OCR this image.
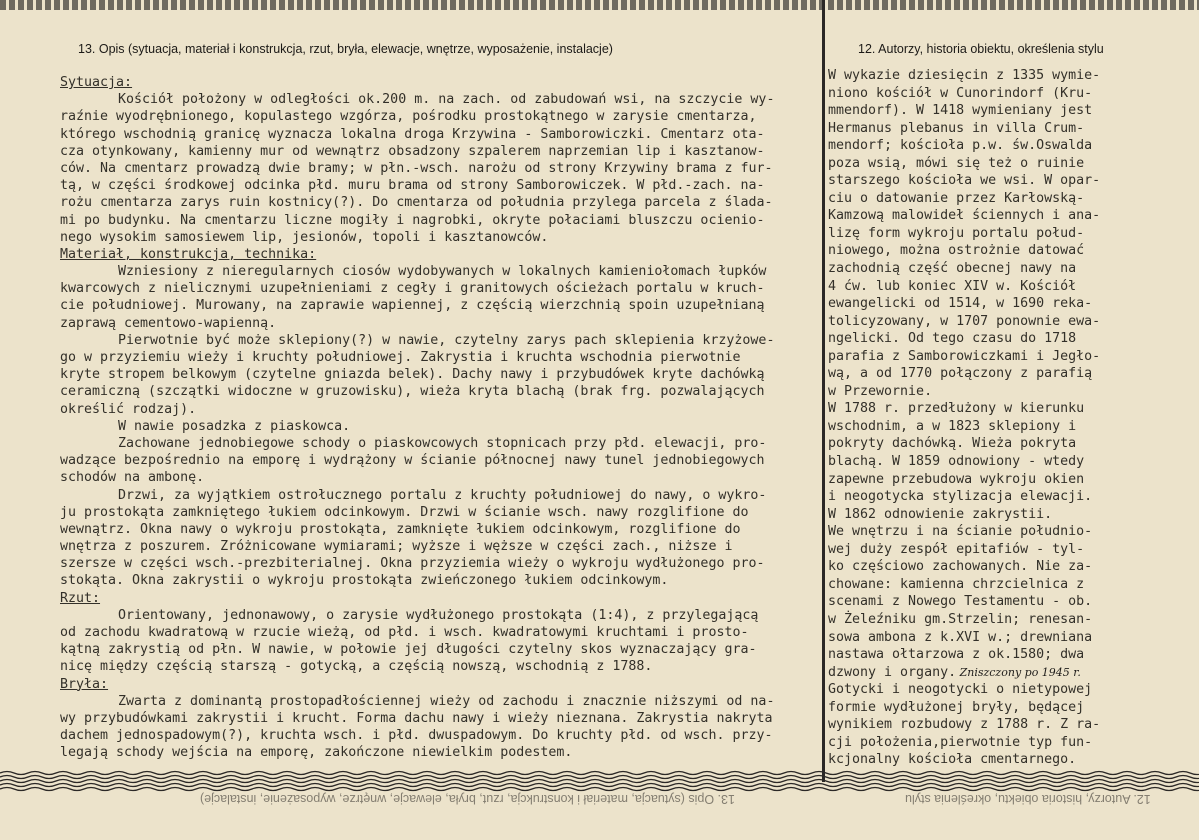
13. Opis (sytuacja, materiał i konstrukcja, rzut, bryła, elewacje, wnętrze, wyposażenie, instalacje)	12. Autorzy, historia obiektu, określenia stylu
Sytuacja:
Kościół położony w odległości ok.200 m. na zach. od zabudowań wsi, na szczycie wy-
raźnie wyodrębnionego, kopulastego wzgórza, pośrodku prostokątnego w zarysie cmentarza,
którego wschodnią granicę wyznacza lokalna droga Krzywina - Samborowiczki. Cmentarz ota-
cza otynkowany, kamienny mur od wewnątrz obsadzony szpalerem naprzemian lip i kasztanow-
ców. Na cmentarz prowadzą dwie bramy; w płn.-wsch. narożu od strony Krzywiny brama z fur-
tą, w części środkowej odcinka płd. muru brama od strony Samborowiczek. W płd.-zach. na-
rożu cmentarza zarys ruin kostnicy(?). Do cmentarza od południa przylega parcela z ślada-
mi po budynku. Na cmentarzu liczne mogiły i nagrobki, okryte połaciami bluszczu ocienio-
nego wysokim samosiewem lip, jesionów, topoli i kasztanowców.
Materiał, konstrukcja, technika:
Wzniesiony z nieregularnych ciosów wydobywanych w lokalnych kamieniołomach łupków
kwarcowych z nielicznymi uzupełnieniami z cegły i granitowych ościeżach portalu w kruch-
cie południowej. Murowany, na zaprawie wapiennej, z częścią wierzchnią spoin uzupełnianą
zaprawą cementowo-wapienną.
Pierwotnie być może sklepiony(?) w nawie, czytelny zarys pach sklepienia krzyżowe-
go w przyziemiu wieży i kruchty południowej. Zakrystia i kruchta wschodnia pierwotnie
kryte stropem belkowym (czytelne gniazda belek). Dachy nawy i przybudówek kryte dachówką
ceramiczną (szczątki widoczne w gruzowisku), wieża kryta blachą (brak frg. pozwalających
określić rodzaj).
W nawie posadzka z piaskowca.
Zachowane jednobiegowe schody o piaskowcowych stopnicach przy płd. elewacji, pro-
wadzące bezpośrednio na emporę i wydrążony w ścianie północnej nawy tunel jednobiegowych
schodów na ambonę.
Drzwi, za wyjątkiem ostrołucznego portalu z kruchty południowej do nawy, o wykro-
ju prostokąta zamkniętego łukiem odcinkowym. Drzwi w ścianie wsch. nawy rozglifione do
wewnątrz. Okna nawy o wykroju prostokąta, zamknięte łukiem odcinkowym, rozglifione do
wnętrza z poszurem. Zróżnicowane wymiarami; wyższe i węższe w części zach., niższe i
szersze w części wsch.-prezbiterialnej. Okna przyziemia wieży o wykroju wydłużonego pro-
stokąta. Okna zakrystii o wykroju prostokąta zwieńczonego łukiem odcinkowym.
Rzut:
Orientowany, jednonawowy, o zarysie wydłużonego prostokąta (1:4), z przylegającą
od zachodu kwadratową w rzucie wieżą, od płd. i wsch. kwadratowymi kruchtami i prosto-
kątną zakrystią od płn. W nawie, w połowie jej długości czytelny skos wyznaczający gra-
nicę między częścią starszą - gotycką, a częścią nowszą, wschodnią z 1788.
Bryła:
Zwarta z dominantą prostopadłościennej wieży od zachodu i znacznie niższymi od na-
wy przybudówkami zakrystii i krucht. Forma dachu nawy i wieży nieznana. Zakrystia nakryta
dachem jednospadowym(?), kruchta wsch. i płd. dwuspadowym. Do kruchty płd. od wsch. przy-
legają schody wejścia na emporę, zakończone niewielkim podestem.
W wykazie dziesięcin z 1335 wymie-
niono kościół w Cunorindorf (Kru-
mmendorf). W 1418 wymieniany jest
Hermanus plebanus in villa Crum-
mendorf; kościoła p.w. św.Oswalda
poza wsią, mówi się też o ruinie
starszego kościoła we wsi. W opar-
ciu o datowanie przez Karłowską-
Kamzową malowideł ściennych i ana-
lizę form wykroju portalu połud-
niowego, można ostrożnie datować
zachodnią część obecnej nawy na
4 ćw. lub koniec XIV w. Kościół
ewangelicki od 1514, w 1690 reka-
tolicyzowany, w 1707 ponownie ewa-
ngelicki. Od tego czasu do 1718
parafia z Samborowiczkami i Jegło-
wą, a od 1770 połączony z parafią
w Przewornie.
W 1788 r. przedłużony w kierunku
wschodnim, a w 1823 sklepiony i
pokryty dachówką. Wieża pokryta
blachą. W 1859 odnowiony - wtedy
zapewne przebudowa wykroju okien
i neogotycka stylizacja elewacji.
W 1862 odnowienie zakrystii.
We wnętrzu i na ścianie południo-
wej duży zespół epitafiów - tyl-
ko częściowo zachowanych. Nie za-
chowane: kamienna chrzcielnica z
scenami z Nowego Testamentu - ob.
w Żeleźniku gm.Strzelin; renesan-
sowa ambona z k.XVI w.; drewniana
nastawa ołtarzowa z ok.1580; dwa
dzwony i organy. Zniszczony po 1945 r.
Gotycki i neogotycki o nietypowej
formie wydłużonej bryły, będącej
wynikiem rozbudowy z 1788 r. Z ra-
cji położenia,pierwotnie typ fun-
kcjonalny kościoła cmentarnego.
13. Opis (sytuacja, materiał i konstrukcja, rzut, bryła, elewacje, wnętrze, wyposażenie, instalacje)	12. Autorzy, historia obiektu, określenia stylu
